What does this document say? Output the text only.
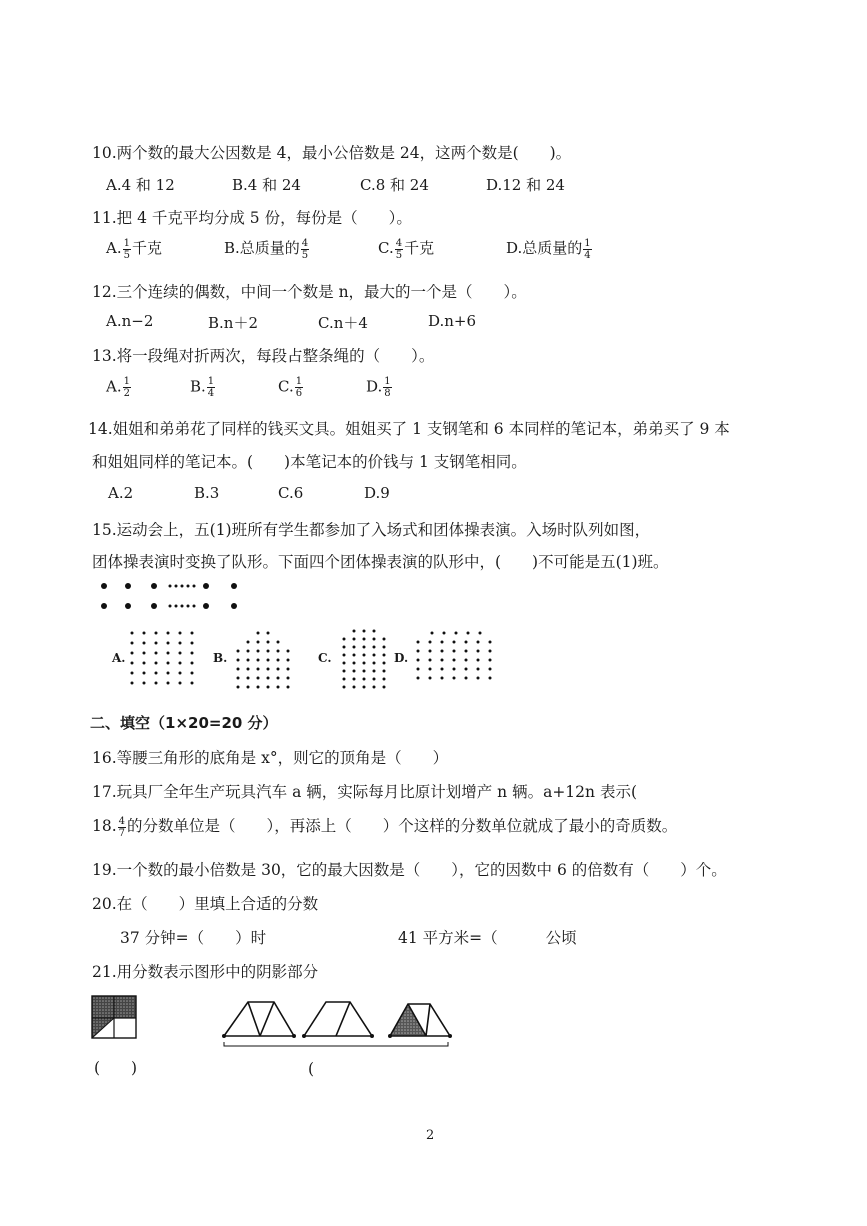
10.两个数的最大公因数是 4，最小公倍数是 24，这两个数是(　　)。
A.4 和 12	B.4 和 24	C.8 和 24	D.12 和 24
11.把 4 千克平均分成 5 份，每份是（　　）。
A. $\frac{1}{5}$ 千克	B.总质量的 $\frac{4}{5}$	C. $\frac{4}{5}$ 千克	D.总质量的 $\frac{1}{4}$
12.三个连续的偶数，中间一个数是 n，最大的一个是（　　）。
A.n−2	B.n＋2	C.n＋4	D.n+6
13.将一段绳对折两次，每段占整条绳的（　　）。
A. $\frac{1}{2}$	B. $\frac{1}{4}$	C. $\frac{1}{6}$	D. $\frac{1}{8}$
14.姐姐和弟弟花了同样的钱买文具。姐姐买了 1 支钢笔和 6 本同样的笔记本，弟弟买了 9 本
和姐姐同样的笔记本。(　　)本笔记本的价钱与 1 支钢笔相同。
A.2	B.3	C.6	D.9
15.运动会上，五(1)班所有学生都参加了入场式和团体操表演。入场时队列如图，
团体操表演时变换了队形。下面四个团体操表演的队形中，(　　)不可能是五(1)班。
A.	B.	C.	D.
二、填空（1×20=20 分）
16.等腰三角形的底角是 x°，则它的顶角是（　　）
17.玩具厂全年生产玩具汽车 a 辆，实际每月比原计划增产 n 辆。a+12n 表示(
18. $\frac{4}{7}$ 的分数单位是（　　），再添上（　　）个这样的分数单位就成了最小的奇质数。
19.一个数的最小倍数是 30，它的最大因数是（　　），它的因数中 6 的倍数有（　　）个。
20.在（　　）里填上合适的分数
37 分钟=（　　）时	41 平方米=（	公顷
21.用分数表示图形中的阴影部分
(　　)	(
2
